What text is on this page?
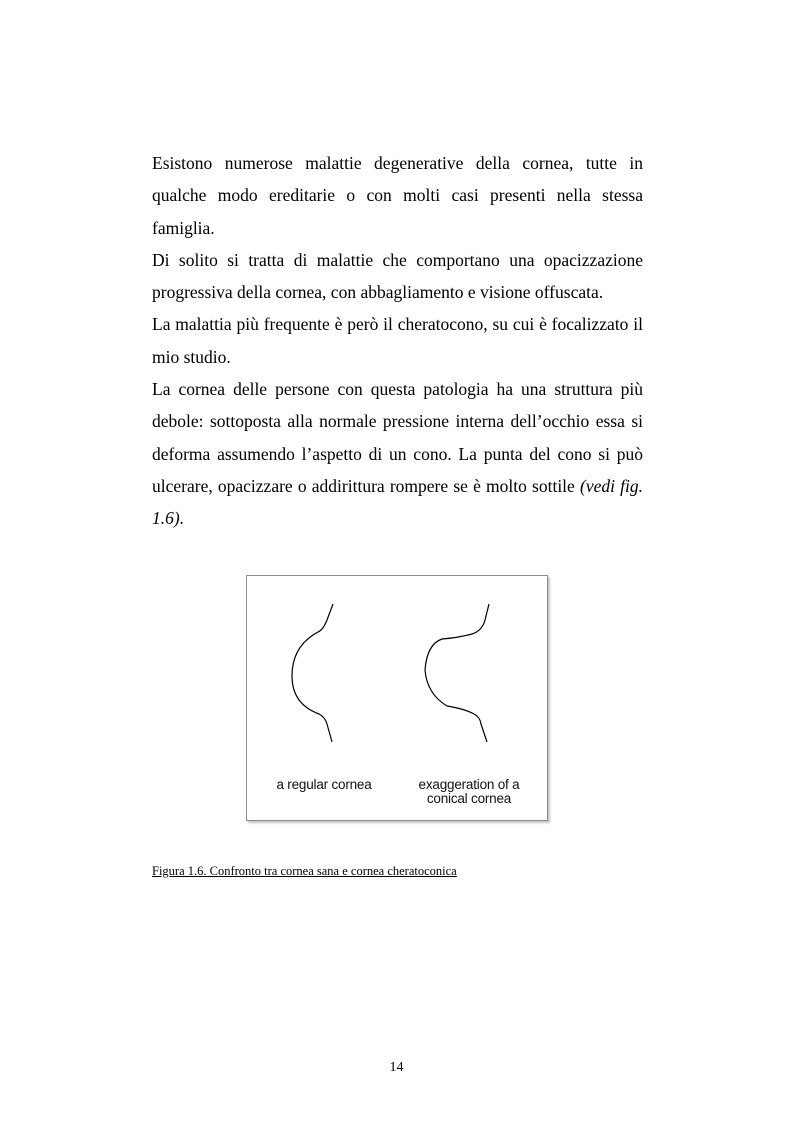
Esistono numerose malattie degenerative della cornea, tutte in qualche modo ereditarie o con molti casi presenti nella stessa famiglia.

Di solito si tratta di malattie che comportano una opacizzazione progressiva della cornea, con abbagliamento e visione offuscata.

La malattia più frequente è però il cheratocono, su cui è focalizzato il mio studio.

La cornea delle persone con questa patologia ha una struttura più debole: sottoposta alla normale pressione interna dell’occhio essa si deforma assumendo l’aspetto di un cono. La punta del cono si può ulcerare, opacizzare o addirittura rompere se è molto sottile (vedi fig. 1.6).

a regular cornea	exaggeration of a
conical cornea
Figura 1.6. Confronto tra cornea sana e cornea cheratoconica
14
